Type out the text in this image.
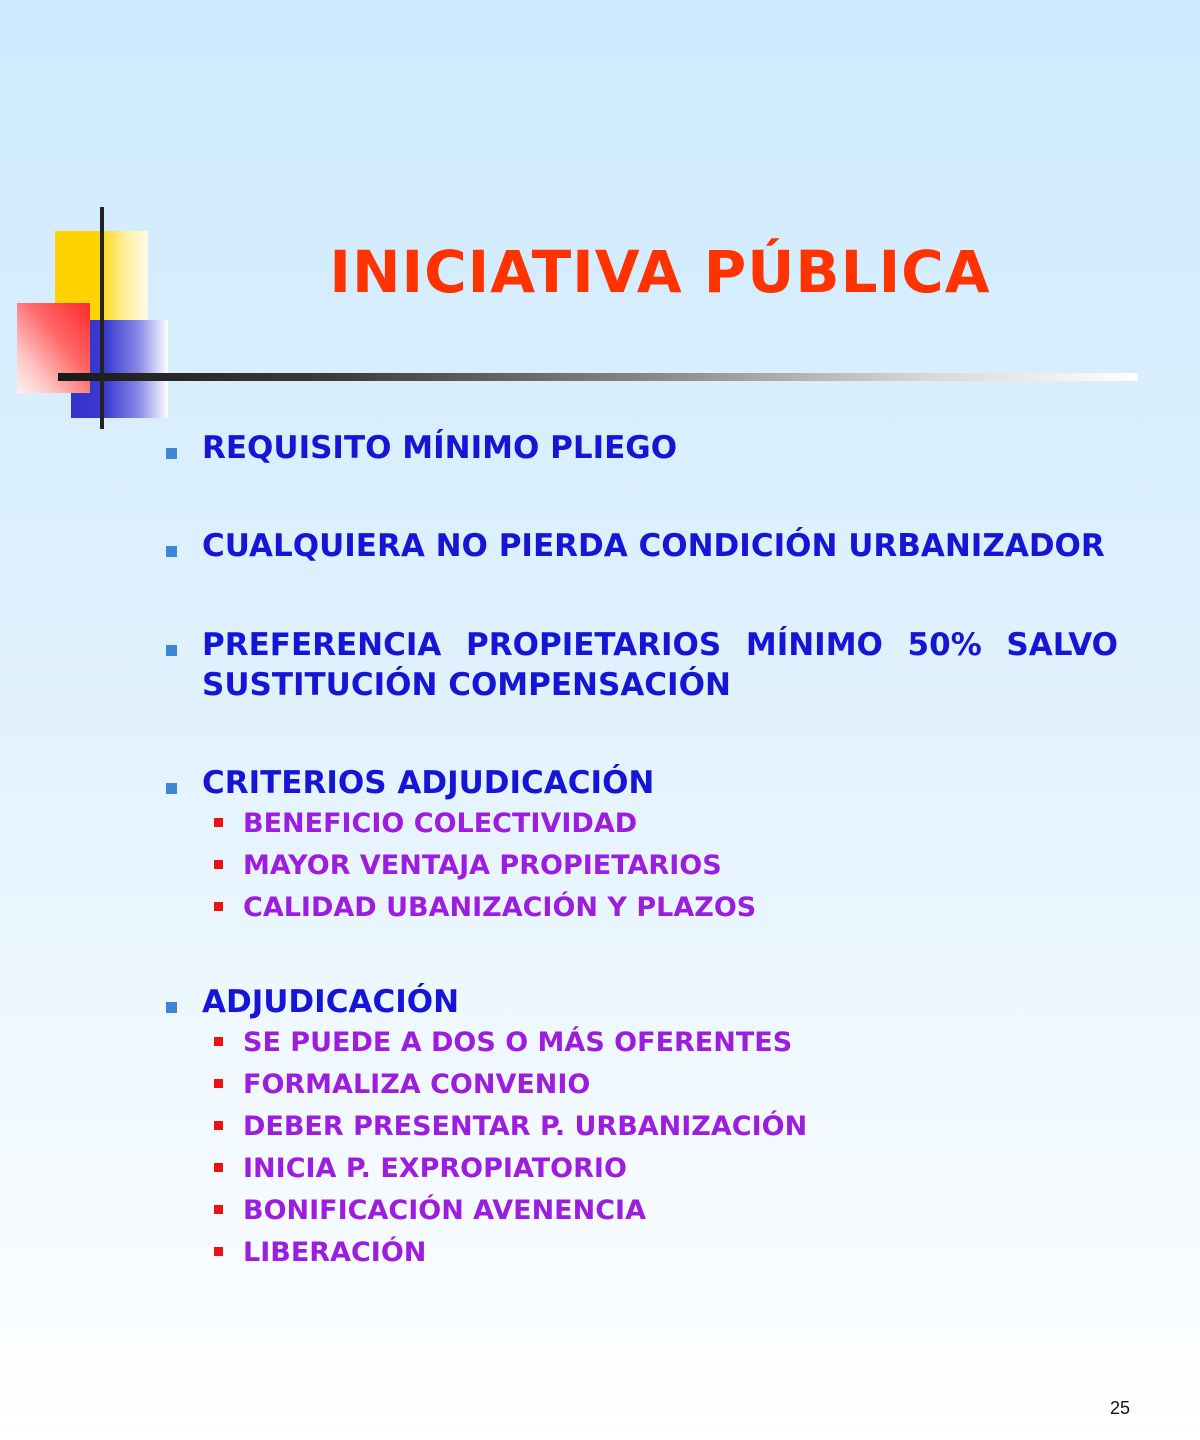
INICIATIVA PÚBLICA
REQUISITO MÍNIMO PLIEGO
CUALQUIERA NO PIERDA CONDICIÓN URBANIZADOR
PREFERENCIA PROPIETARIOS MÍNIMO 50% SALVO SUSTITUCIÓN COMPENSACIÓN
CRITERIOS ADJUDICACIÓN
BENEFICIO COLECTIVIDAD
MAYOR VENTAJA PROPIETARIOS
CALIDAD UBANIZACIÓN Y PLAZOS
ADJUDICACIÓN
SE PUEDE A DOS O MÁS OFERENTES
FORMALIZA CONVENIO
DEBER PRESENTAR P. URBANIZACIÓN
INICIA P. EXPROPIATORIO
BONIFICACIÓN AVENENCIA
LIBERACIÓN
25
